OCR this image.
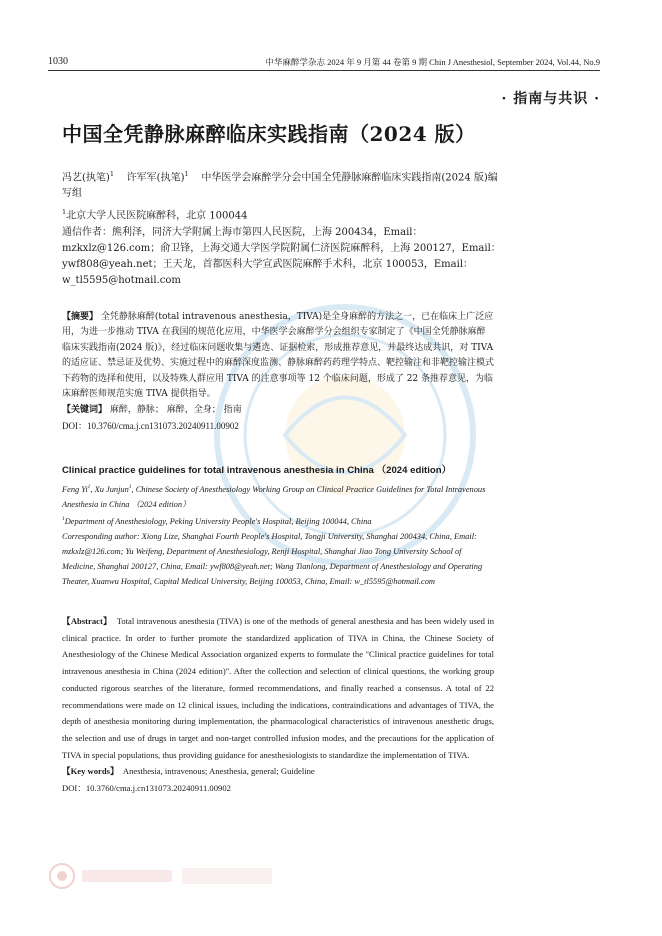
1030	中华麻醉学杂志 2024 年 9 月第 44 卷第 9 期 Chin J Anesthesiol, September 2024, Vol.44, No.9
· 指南与共识 ·
中国全凭静脉麻醉临床实践指南（2024 版）

冯艺(执笔)$^1$ 许军军(执笔)$^1$ 中华医学会麻醉学分会中国全凭静脉麻醉临床实践指南(2024 版)编写组

$^1$北京大学人民医院麻醉科，北京 100044

通信作者：熊利泽，同济大学附属上海市第四人民医院，上海 200434，Email：mzkxlz@126.com；俞卫锋，上海交通大学医学院附属仁济医院麻醉科，上海 200127，Email：ywf808@yeah.net；王天龙，首都医科大学宣武医院麻醉手术科，北京 100053，Email：w_tl5595@hotmail.com

【摘要】 全凭静脉麻醉(total intravenous anesthesia，TIVA)是全身麻醉的方法之一，已在临床上广泛应用，为进一步推动 TIVA 在我国的规范化应用，中华医学会麻醉学分会组织专家制定了《中国全凭静脉麻醉临床实践指南(2024 版)》，经过临床问题收集与遴选、证据检索，形成推荐意见，并最终达成共识，对 TIVA 的适应证、禁忌证及优势、实施过程中的麻醉深度监测、静脉麻醉药药理学特点、靶控输注和非靶控输注模式下药物的选择和使用，以及特殊人群应用 TIVA 的注意事项等 12 个临床问题，形成了 22 条推荐意见，为临床麻醉医师规范实施 TIVA 提供指导。

【关键词】 麻醉，静脉； 麻醉，全身； 指南

DOI：10.3760/cma.j.cn131073.20240911.00902

Clinical practice guidelines for total intravenous anesthesia in China （2024 edition）

Feng Yi$^1$, Xu Junjun$^1$, Chinese Society of Anesthesiology Working Group on Clinical Practice Guidelines for Total Intravenous Anesthesia in China （2024 edition）

$^1$Department of Anesthesiology, Peking University People's Hospital, Beijing 100044, China

Corresponding author: Xiong Lize, Shanghai Fourth People's Hospital, Tongji University, Shanghai 200434, China, Email: mzkxlz@126.com; Yu Weifeng, Department of Anesthesiology, Renji Hospital, Shanghai Jiao Tong University School of Medicine, Shanghai 200127, China, Email: ywf808@yeah.net; Wang Tianlong, Department of Anesthesiology and Operating Theater, Xuanwu Hospital, Capital Medical University, Beijing 100053, China, Email: w_tl5595@hotmail.com

【Abstract】 Total intravenous anesthesia (TIVA) is one of the methods of general anesthesia and has been widely used in clinical practice. In order to further promote the standardized application of TIVA in China, the Chinese Society of Anesthesiology of the Chinese Medical Association organized experts to formulate the "Clinical practice guidelines for total intravenous anesthesia in China (2024 edition)". After the collection and selection of clinical questions, the working group conducted rigorous searches of the literature, formed recommendations, and finally reached a consensus. A total of 22 recommendations were made on 12 clinical issues, including the indications, contraindications and advantages of TIVA, the depth of anesthesia monitoring during implementation, the pharmacological characteristics of intravenous anesthetic drugs, the selection and use of drugs in target and non-target controlled infusion modes, and the precautions for the application of TIVA in special populations, thus providing guidance for anesthesiologists to standardize the implementation of TIVA.

【Key words】 Anesthesia, intravenous; Anesthesia, general; Guideline

DOI：10.3760/cma.j.cn131073.20240911.00902
